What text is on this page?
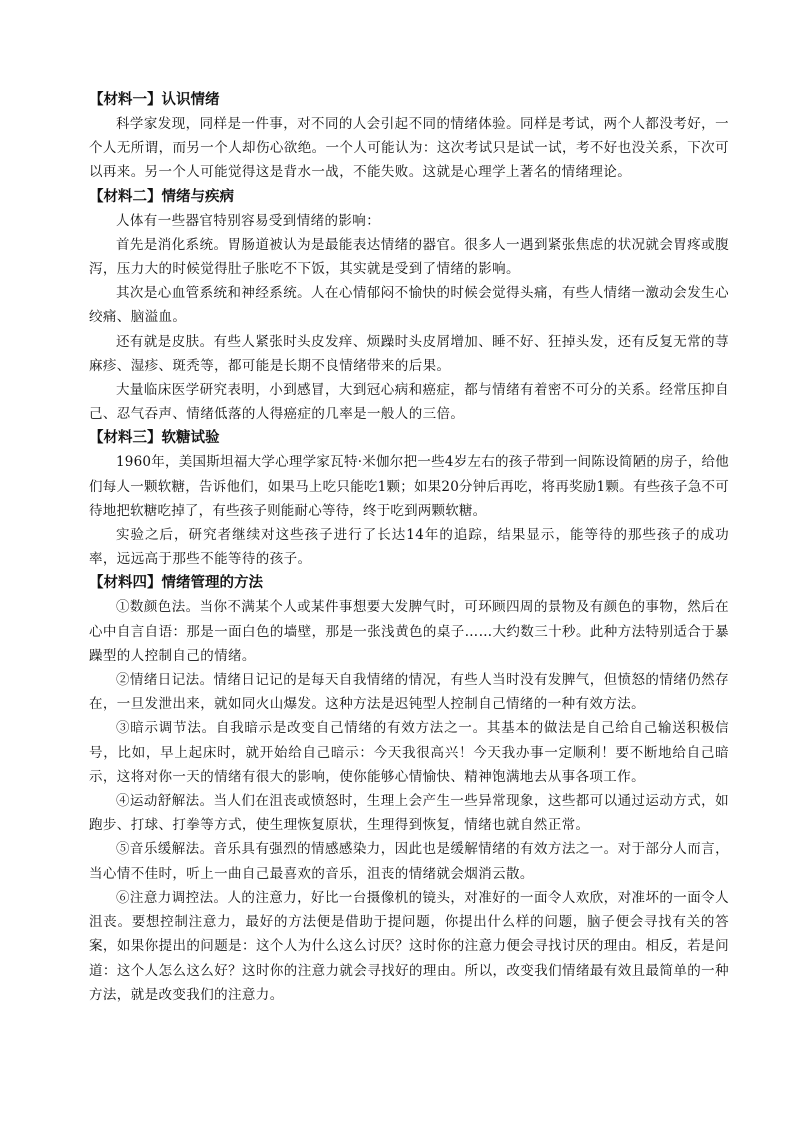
【材料一】认识情绪

科学家发现，同样是一件事，对不同的人会引起不同的情绪体验。同样是考试，两个人都没考好，一个人无所谓，而另一个人却伤心欲绝。一个人可能认为：这次考试只是试一试，考不好也没关系，下次可以再来。另一个人可能觉得这是背水一战，不能失败。这就是心理学上著名的情绪理论。

【材料二】情绪与疾病

人体有一些器官特别容易受到情绪的影响：

首先是消化系统。胃肠道被认为是最能表达情绪的器官。很多人一遇到紧张焦虑的状况就会胃疼或腹泻，压力大的时候觉得肚子胀吃不下饭，其实就是受到了情绪的影响。

其次是心血管系统和神经系统。人在心情郁闷不愉快的时候会觉得头痛，有些人情绪一激动会发生心绞痛、脑溢血。

还有就是皮肤。有些人紧张时头皮发痒、烦躁时头皮屑增加、睡不好、狂掉头发，还有反复无常的荨麻疹、湿疹、斑秃等，都可能是长期不良情绪带来的后果。

大量临床医学研究表明，小到感冒，大到冠心病和癌症，都与情绪有着密不可分的关系。经常压抑自己、忍气吞声、情绪低落的人得癌症的几率是一般人的三倍。

【材料三】软糖试验

1960年，美国斯坦福大学心理学家瓦特·米伽尔把一些4岁左右的孩子带到一间陈设简陋的房子，给他们每人一颗软糖，告诉他们，如果马上吃只能吃1颗；如果20分钟后再吃，将再奖励1颗。有些孩子急不可待地把软糖吃掉了，有些孩子则能耐心等待，终于吃到两颗软糖。

实验之后，研究者继续对这些孩子进行了长达14年的追踪，结果显示，能等待的那些孩子的成功率，远远高于那些不能等待的孩子。

【材料四】情绪管理的方法

①数颜色法。当你不满某个人或某件事想要大发脾气时，可环顾四周的景物及有颜色的事物，然后在心中自言自语：那是一面白色的墙壁，那是一张浅黄色的桌子……大约数三十秒。此种方法特别适合于暴躁型的人控制自己的情绪。

②情绪日记法。情绪日记记的是每天自我情绪的情况，有些人当时没有发脾气，但愤怒的情绪仍然存在，一旦发泄出来，就如同火山爆发。这种方法是迟钝型人控制自己情绪的一种有效方法。

③暗示调节法。自我暗示是改变自己情绪的有效方法之一。其基本的做法是自己给自己输送积极信号，比如，早上起床时，就开始给自己暗示：今天我很高兴！今天我办事一定顺利！要不断地给自己暗示，这将对你一天的情绪有很大的影响，使你能够心情愉快、精神饱满地去从事各项工作。

④运动舒解法。当人们在沮丧或愤怒时，生理上会产生一些异常现象，这些都可以通过运动方式，如跑步、打球、打拳等方式，使生理恢复原状，生理得到恢复，情绪也就自然正常。

⑤音乐缓解法。音乐具有强烈的情感感染力，因此也是缓解情绪的有效方法之一。对于部分人而言，当心情不佳时，听上一曲自己最喜欢的音乐，沮丧的情绪就会烟消云散。

⑥注意力调控法。人的注意力，好比一台摄像机的镜头，对准好的一面令人欢欣，对准坏的一面令人沮丧。要想控制注意力，最好的方法便是借助于提问题，你提出什么样的问题，脑子便会寻找有关的答案，如果你提出的问题是：这个人为什么这么讨厌？这时你的注意力便会寻找讨厌的理由。相反，若是问道：这个人怎么这么好？这时你的注意力就会寻找好的理由。所以，改变我们情绪最有效且最简单的一种方法，就是改变我们的注意力。
